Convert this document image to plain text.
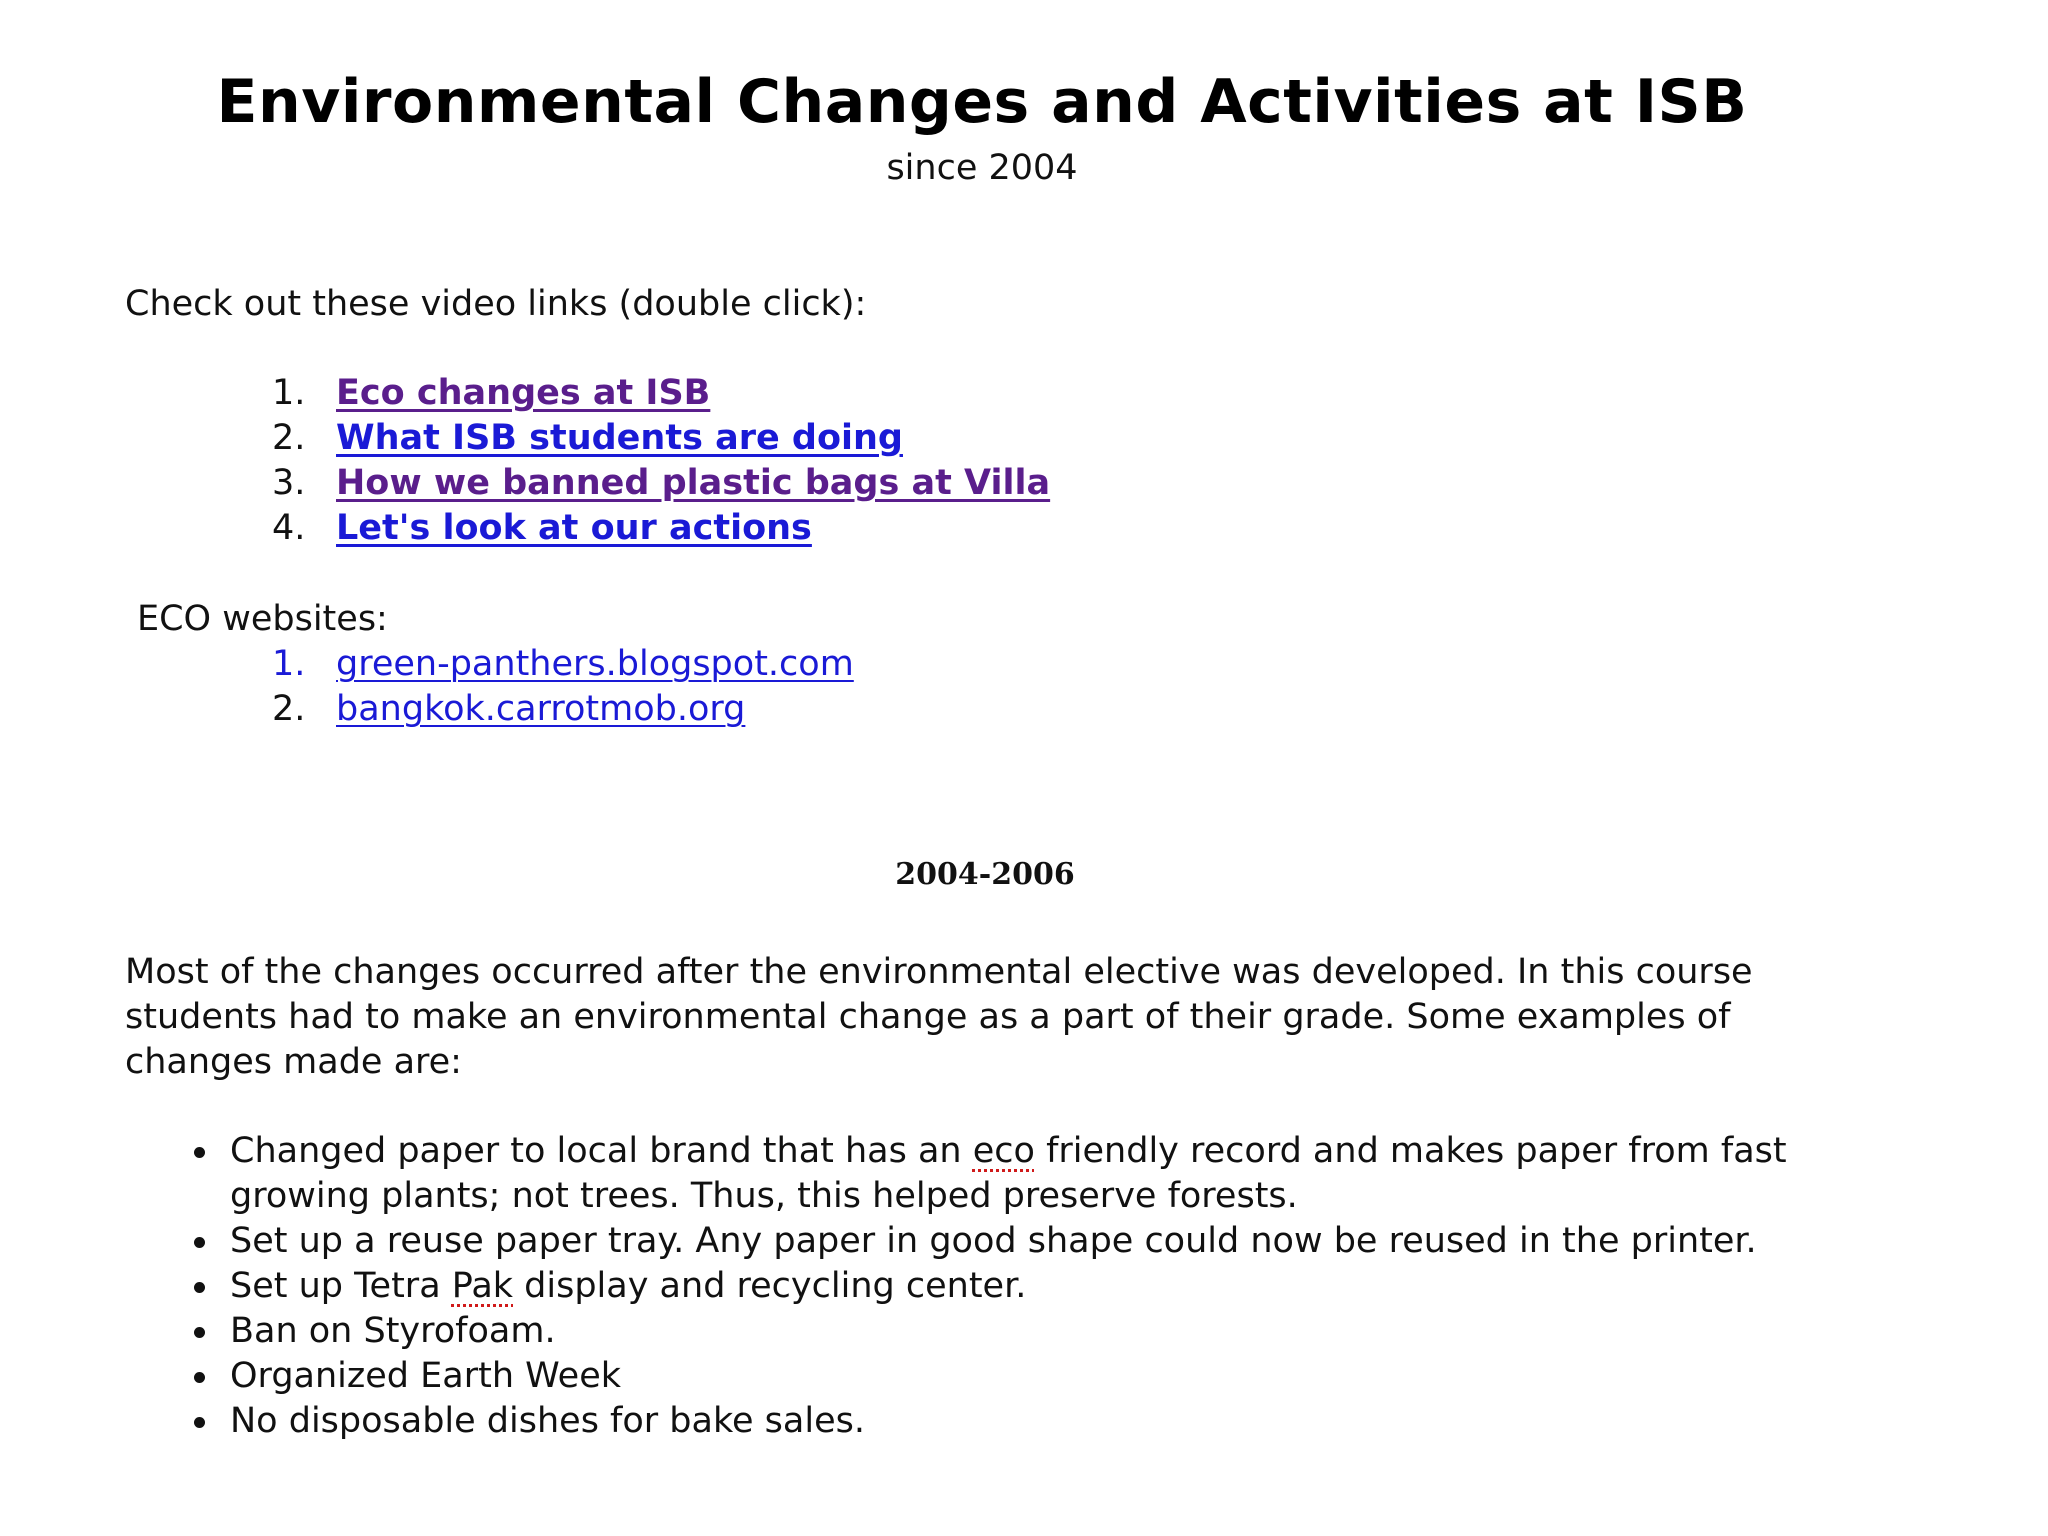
Environmental Changes and Activities at ISB
since 2004
Check out these video links (double click):
1. Eco changes at ISB
2. What ISB students are doing
3. How we banned plastic bags at Villa
4. Let's look at our actions
ECO websites:
1. green-panthers.blogspot.com
2. bangkok.carrotmob.org
2004-2006
Most of the changes occurred after the environmental elective was developed. In this course students had to make an environmental change as a part of their grade. Some examples of changes made are:
Changed paper to local brand that has an eco friendly record and makes paper from fast growing plants; not trees. Thus, this helped preserve forests.
Set up a reuse paper tray. Any paper in good shape could now be reused in the printer.
Set up Tetra Pak display and recycling center.
Ban on Styrofoam.
Organized Earth Week
No disposable dishes for bake sales.
